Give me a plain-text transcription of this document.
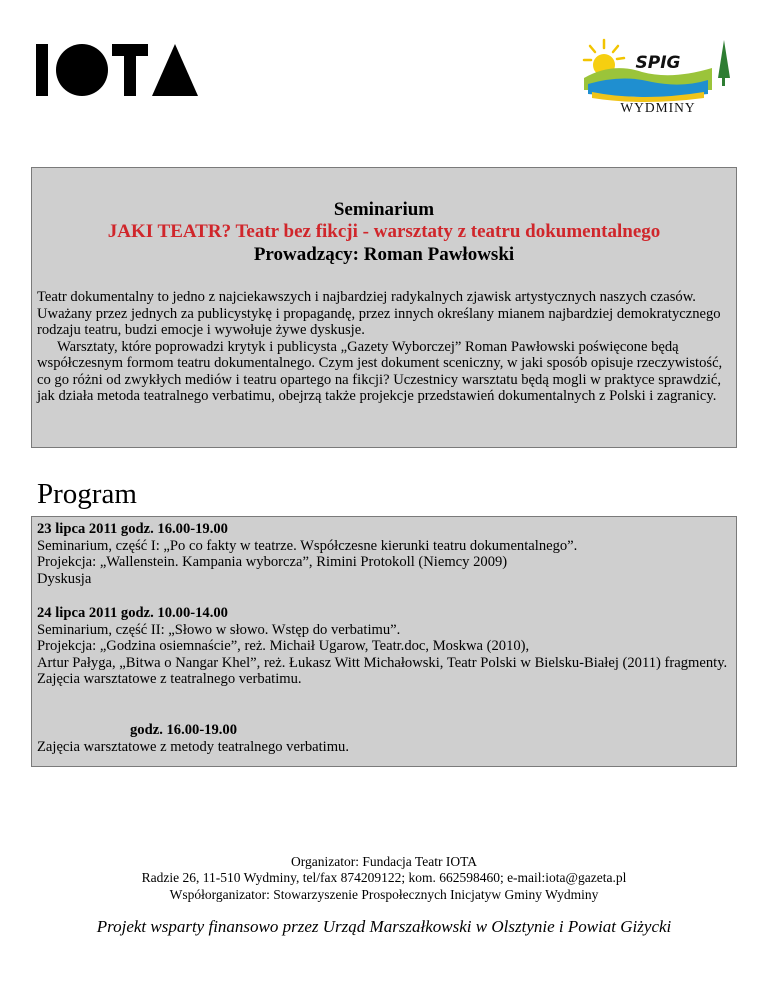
SPIG
WYDMINY
Seminarium
JAKI TEATR? Teatr bez fikcji - warsztaty z teatru dokumentalnego
Prowadzący: Roman Pawłowski

Teatr dokumentalny to jedno z najciekawszych i najbardziej radykalnych zjawisk artystycznych naszych czasów. Uważany przez jednych za publicystykę i propagandę, przez innych określany mianem najbardziej demokratycznego rodzaju teatru, budzi emocje i wywołuje żywe dyskusje.

Warsztaty, które poprowadzi krytyk i publicysta „Gazety Wyborczej” Roman Pawłowski poświęcone będą współczesnym formom teatru dokumentalnego. Czym jest dokument sceniczny, w jaki sposób opisuje rzeczywistość, co go różni od zwykłych mediów i teatru opartego na fikcji? Uczestnicy warsztatu będą mogli w praktyce sprawdzić, jak działa metoda teatralnego verbatimu, obejrzą także projekcje przedstawień dokumentalnych z Polski i zagranicy.

Program
23 lipca 2011 godz. 16.00-19.00
Seminarium, część I: „Po co fakty w teatrze. Współczesne kierunki teatru dokumentalnego”.
Projekcja: „Wallenstein. Kampania wyborcza”, Rimini Protokoll (Niemcy 2009)
Dyskusja
24 lipca 2011 godz. 10.00-14.00
Seminarium, część II: „Słowo w słowo. Wstęp do verbatimu”.
Projekcja: „Godzina osiemnaście”, reż. Michaił Ugarow, Teatr.doc, Moskwa (2010),
Artur Pałyga, „Bitwa o Nangar Khel”, reż. Łukasz Witt Michałowski, Teatr Polski w Bielsku-Białej (2011) fragmenty.
Zajęcia warsztatowe z teatralnego verbatimu.
godz. 16.00-19.00
Zajęcia warsztatowe z metody teatralnego verbatimu.
Organizator: Fundacja Teatr IOTA
Radzie 26, 11-510 Wydminy, tel/fax 874209122; kom. 662598460; e-mail:iota@gazeta.pl
Współorganizator: Stowarzyszenie Prospołecznych Inicjatyw Gminy Wydminy
Projekt wsparty finansowo przez Urząd Marszałkowski w Olsztynie i Powiat Giżycki
